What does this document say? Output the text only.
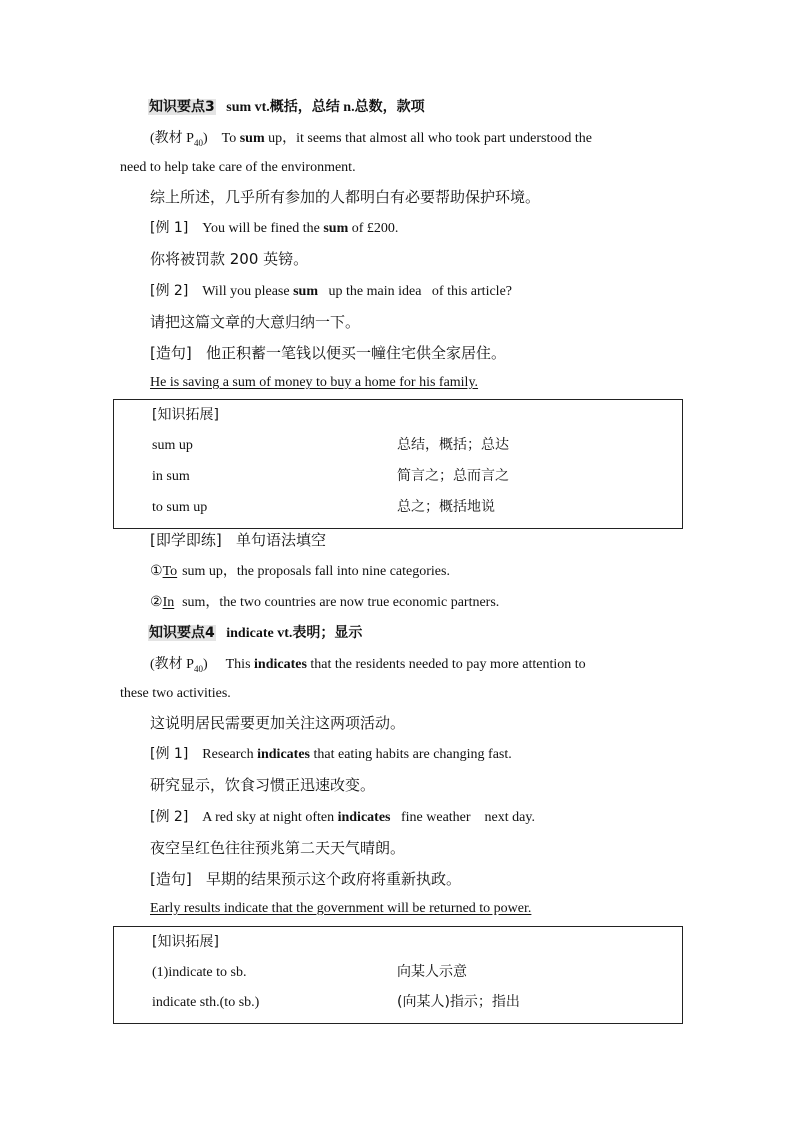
知识要点3 sum vt.概括，总结 n.总数，款项
(教材 $P_{40}$) To sum up，it seems that almost all who took part understood the
need to help take care of the environment.
综上所述，几乎所有参加的人都明白有必要帮助保护环境。
[例 1] You will be fined the sum of £200.
你将被罚款 200 英镑。
[例 2] Will you please sum   up the main idea   of this article?
请把这篇文章的大意归纳一下。
[造句] 他正积蓄一笔钱以便买一幢住宅供全家居住。
He is saving a sum of money to buy a home for his family.
[知识拓展]
sum up	总结，概括；总达
in sum	简言之；总而言之
to sum up	总之；概括地说
[即学即练] 单句语法填空
①To sum up，the proposals fall into nine categories.
②In sum，the two countries are now true economic partners.
知识要点4 indicate vt.表明；显示
(教材 $P_{40}$) This indicates that the residents needed to pay more attention to
these two activities.
这说明居民需要更加关注这两项活动。
[例 1] Research indicates that eating habits are changing fast.
研究显示，饮食习惯正迅速改变。
[例 2] A red sky at night often indicates   fine weather    next day.
夜空呈红色往往预兆第二天天气晴朗。
[造句] 早期的结果预示这个政府将重新执政。
Early results indicate that the government will be returned to power.
[知识拓展]
(1)indicate to sb.	向某人示意
indicate sth.(to sb.)	(向某人)指示；指出
